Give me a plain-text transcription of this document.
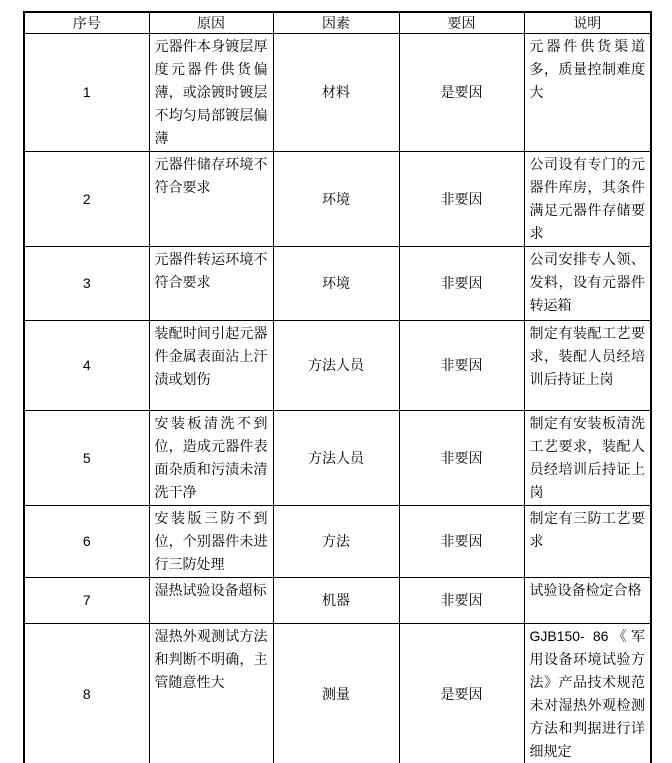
序号	原因	因素	要因	说明
1	元器件本身镀层厚度元器件供货偏薄，或涂镀时镀层不均匀局部镀层偏薄	材料	是要因	元器件供货渠道多，质量控制难度大
2	元器件储存环境不符合要求	环境	非要因	公司设有专门的元器件库房，其条件满足元器件存储要求
3	元器件转运环境不符合要求	环境	非要因	公司安排专人领、发料，设有元器件转运箱
4	装配时间引起元器件金属表面沾上汗渍或划伤	方法人员	非要因	制定有装配工艺要求，装配人员经培训后持证上岗
5	安装板清洗不到位，造成元器件表面杂质和污渍未清洗干净	方法人员	非要因	制定有安装板清洗工艺要求，装配人员经培训后持证上岗
6	安装版三防不到位，个别器件未进行三防处理	方法	非要因	制定有三防工艺要求
7	湿热试验设备超标	机器	非要因	试验设备检定合格
8	湿热外观测试方法和判断不明确，主管随意性大	测量	是要因	GJB150- 86《军用设备环境试验方法》产品技术规范未对湿热外观检测方法和判据进行详细规定
